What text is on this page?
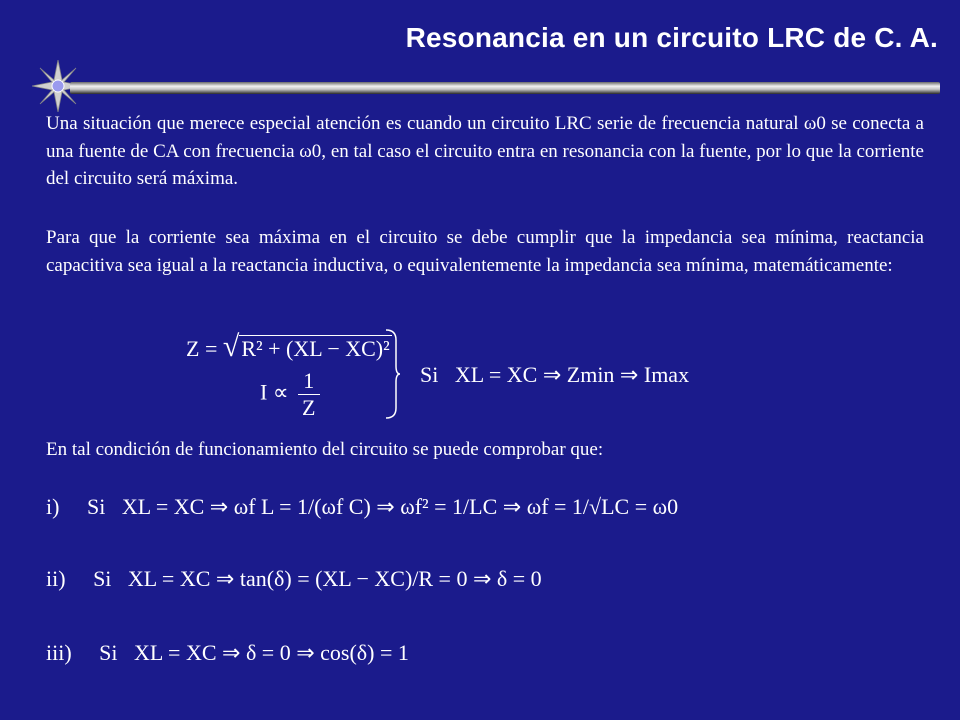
Resonancia en un circuito LRC de C. A.

Una situación que merece especial atención es cuando un circuito LRC serie de frecuencia natural ω0 se conecta a una fuente de CA con frecuencia ω0, en tal caso el circuito entra en resonancia con la fuente, por lo que la corriente del circuito será máxima.

Para que la corriente sea máxima en el circuito se debe cumplir que la impedancia sea mínima, reactancia capacitiva sea igual a la reactancia inductiva, o equivalentemente la impedancia sea mínima, matemáticamente:

Z = √R² + (XL − XC)²
$I \propto \frac{1}{Z}$	Si XL = XC ⇒ Zmin ⇒ Imax

En tal condición de funcionamiento del circuito se puede comprobar que:

i) Si XL = XC ⇒ ωf L = 1/(ωf C) ⇒ ωf² = 1/LC ⇒ ωf = 1/√LC = ω0
ii) Si XL = XC ⇒ tan(δ) = (XL − XC)/R = 0 ⇒ δ = 0
iii) Si XL = XC ⇒ δ = 0 ⇒ cos(δ) = 1
